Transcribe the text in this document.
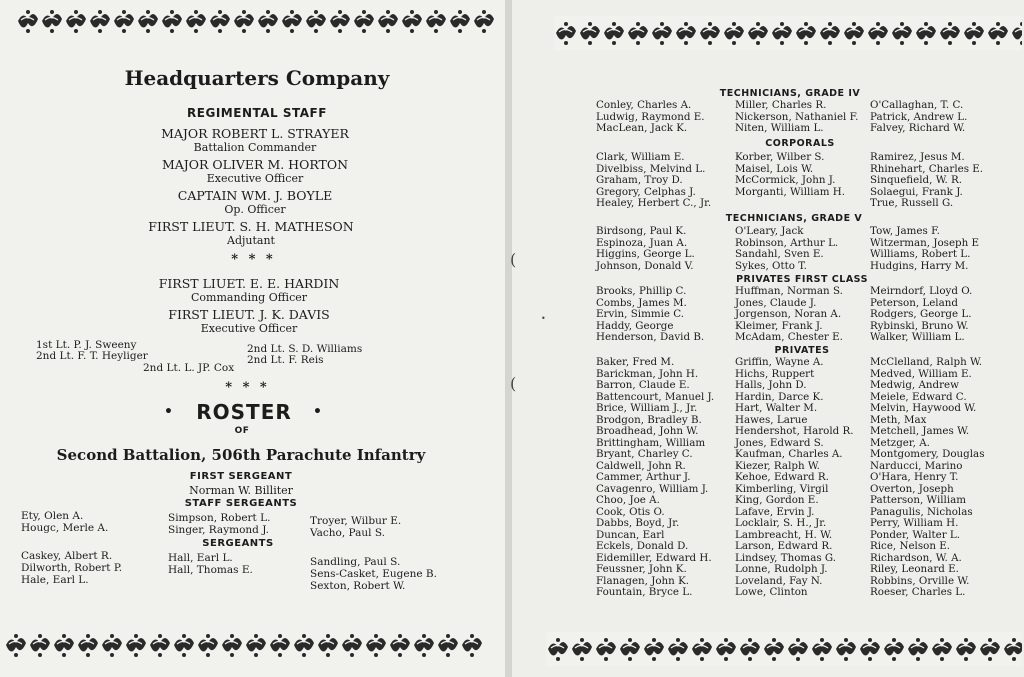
Headquarters Company
REGIMENTAL STAFF
MAJOR ROBERT L. STRAYER
Battalion Commander
MAJOR OLIVER M. HORTON
Executive Officer
CAPTAIN WM. J. BOYLE
Op. Officer
FIRST LIEUT. S. H. MATHESON
Adjutant
* * *
FIRST LIUET. E. E. HARDIN
Commanding Officer
FIRST LIEUT. J. K. DAVIS
Executive Officer
1st Lt. P. J. Sweeny
2nd Lt. F. T. Heyliger
2nd Lt. S. D. Williams
2nd Lt. F. Reis
2nd Lt. L. JP. Cox
* * *
• ROSTER •
OF
Second Battalion, 506th Parachute Infantry
FIRST SERGEANT
Norman W. Billiter
STAFF SERGEANTS
Ety, Olen A.
Hougc, Merle A.
Simpson, Robert L.
Singer, Raymond J.
Troyer, Wilbur E.
Vacho, Paul S.
SERGEANTS
Caskey, Albert R.
Dilworth, Robert P.
Hale, Earl L.
Hall, Earl L.
Hall, Thomas E.
Sandling, Paul S.
Sens-Casket, Eugene B.
Sexton, Robert W.
(
•
(
TECHNICIANS, GRADE IV
Conley, Charles A.
Ludwig, Raymond E.
MacLean, Jack K.
Miller, Charles R.
Nickerson, Nathaniel F.
Niten, William L.
O'Callaghan, T. C.
Patrick, Andrew L.
Falvey, Richard W.
CORPORALS
Clark, William E.
Divelbiss, Melvind L.
Graham, Troy D.
Gregory, Celphas J.
Healey, Herbert C., Jr.
Korber, Wilber S.
Maisel, Lois W.
McCormick, John J.
Morganti, William H.
Ramirez, Jesus M.
Rhinehart, Charles E.
Sinquefield, W. R.
Solaegui, Frank J.
True, Russell G.
TECHNICIANS, GRADE V
Birdsong, Paul K.
Espinoza, Juan A.
Higgins, George L.
Johnson, Donald V.
O'Leary, Jack
Robinson, Arthur L.
Sandahl, Sven E.
Sykes, Otto T.
Tow, James F.
Witzerman, Joseph E
Williams, Robert L.
Hudgins, Harry M.
PRIVATES FIRST CLASS
Brooks, Phillip C.
Combs, James M.
Ervin, Simmie C.
Haddy, George
Henderson, David B.
Huffman, Norman S.
Jones, Claude J.
Jorgenson, Noran A.
Kleimer, Frank J.
McAdam, Chester E.
Meirndorf, Lloyd O.
Peterson, Leland
Rodgers, George L.
Rybinski, Bruno W.
Walker, William L.
PRIVATES
Baker, Fred M.
Barickman, John H.
Barron, Claude E.
Battencourt, Manuel J.
Brice, William J., Jr.
Brodgon, Bradley B.
Broadhead, John W.
Brittingham, William
Bryant, Charley C.
Caldwell, John R.
Cammer, Arthur J.
Cavagenro, William J.
Choo, Joe A.
Cook, Otis O.
Dabbs, Boyd, Jr.
Duncan, Earl
Eckels, Donald D.
Eidemiller, Edward H.
Feussner, John K.
Flanagen, John K.
Fountain, Bryce L.
Griffin, Wayne A.
Hichs, Ruppert
Halls, John D.
Hardin, Darce K.
Hart, Walter M.
Hawes, Larue
Hendershot, Harold R.
Jones, Edward S.
Kaufman, Charles A.
Kiezer, Ralph W.
Kehoe, Edward R.
Kimberling, Virgil
King, Gordon E.
Lafave, Ervin J.
Locklair, S. H., Jr.
Lambreacht, H. W.
Larson, Edward R.
Lindsey, Thomas G.
Lonne, Rudolph J.
Loveland, Fay N.
Lowe, Clinton
McClelland, Ralph W.
Medved, William E.
Medwig, Andrew
Meiele, Edward C.
Melvin, Haywood W.
Meth, Max
Metchell, James W.
Metzger, A.
Montgomery, Douglas
Narducci, Marino
O'Hara, Henry T.
Overton, Joseph
Patterson, William
Panagulis, Nicholas
Perry, William H.
Ponder, Walter L.
Rice, Nelson E.
Richardson, W. A.
Riley, Leonard E.
Robbins, Orville W.
Roeser, Charles L.
